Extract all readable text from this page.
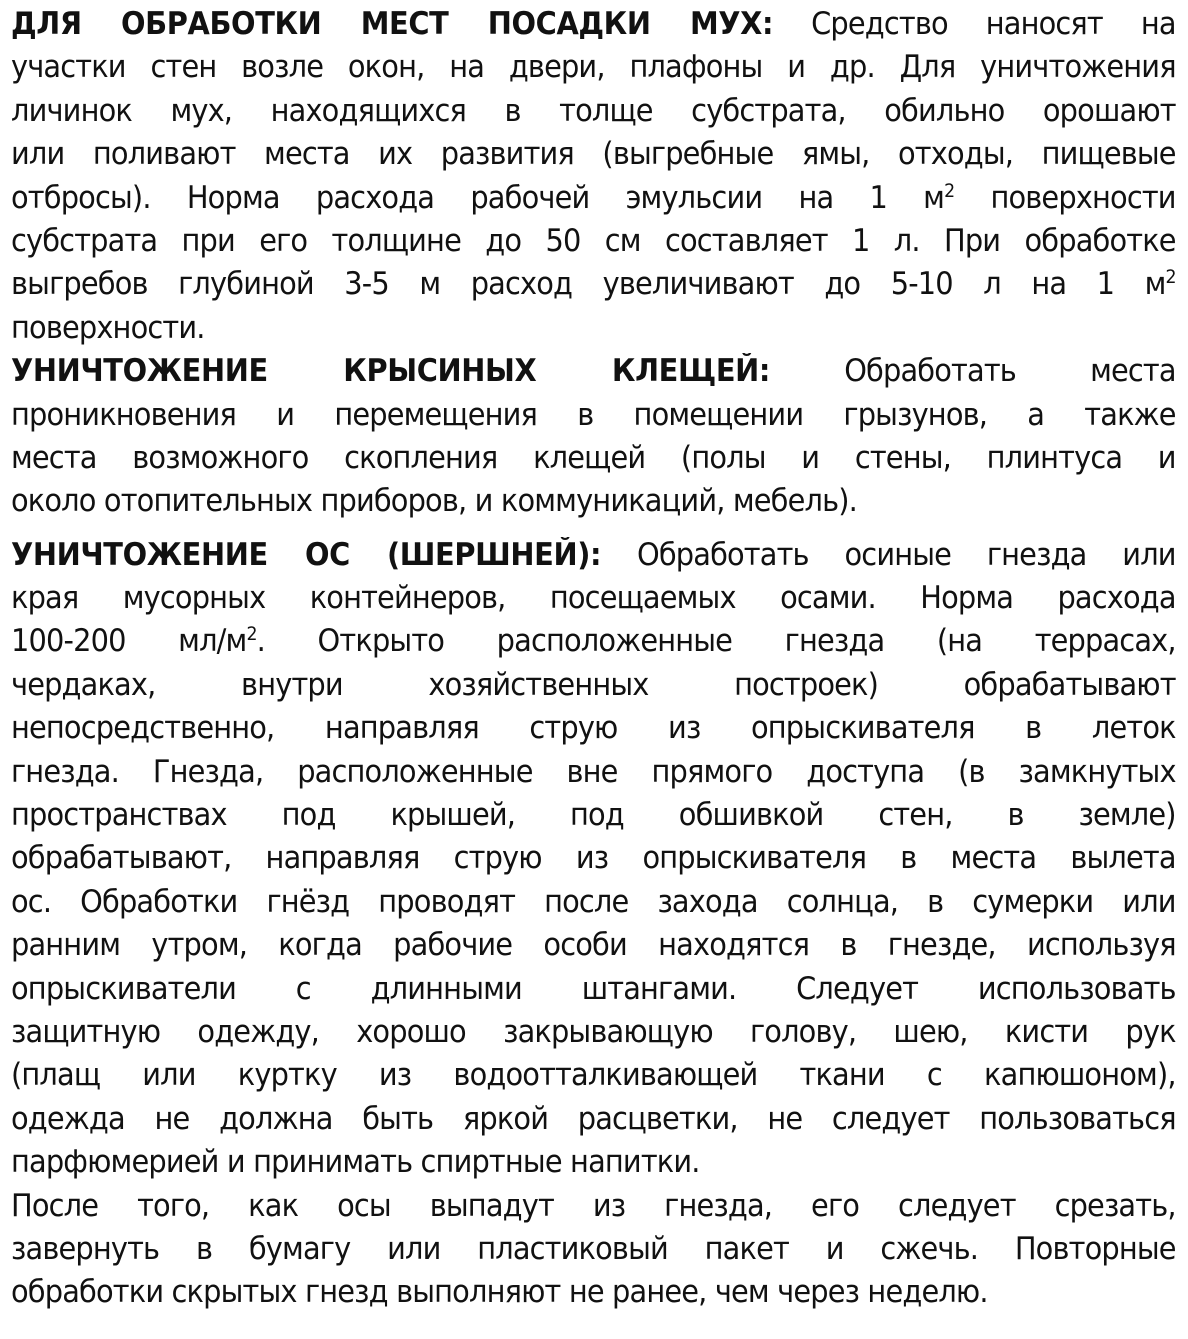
ДЛЯ ОБРАБОТКИ МЕСТ ПОСАДКИ МУХ: Средство наносят на
участки стен возле окон, на двери, плафоны и др. Для уничтожения
личинок мух, находящихся в толще субстрата, обильно орошают
или поливают места их развития (выгребные ямы, отходы, пищевые
отбросы). Норма расхода рабочей эмульсии на 1 $м^2$ поверхности
субстрата при его толщине до 50 см составляет 1 л. При обработке
выгребов глубиной 3-5 м расход увеличивают до 5-10 л на 1 $м^2$
поверхности.
УНИЧТОЖЕНИЕ КРЫСИНЫХ КЛЕЩЕЙ: Обработать места
проникновения и перемещения в помещении грызунов, а также
места возможного скопления клещей (полы и стены, плинтуса и
около отопительных приборов, и коммуникаций, мебель).
УНИЧТОЖЕНИЕ ОС (ШЕРШНЕЙ): Обработать осиные гнезда или
края мусорных контейнеров, посещаемых осами. Норма расхода
100-200 $мл/м^2$. Открыто расположенные гнезда (на террасах,
чердаках, внутри хозяйственных построек) обрабатывают
непосредственно, направляя струю из опрыскивателя в леток
гнезда. Гнезда, расположенные вне прямого доступа (в замкнутых
пространствах под крышей, под обшивкой стен, в земле)
обрабатывают, направляя струю из опрыскивателя в места вылета
ос. Обработки гнёзд проводят после захода солнца, в сумерки или
ранним утром, когда рабочие особи находятся в гнезде, используя
опрыскиватели с длинными штангами. Следует использовать
защитную одежду, хорошо закрывающую голову, шею, кисти рук
(плащ или куртку из водоотталкивающей ткани с капюшоном),
одежда не должна быть яркой расцветки, не следует пользоваться
парфюмерией и принимать спиртные напитки.
После того, как осы выпадут из гнезда, его следует срезать,
завернуть в бумагу или пластиковый пакет и сжечь. Повторные
обработки скрытых гнезд выполняют не ранее, чем через неделю.
